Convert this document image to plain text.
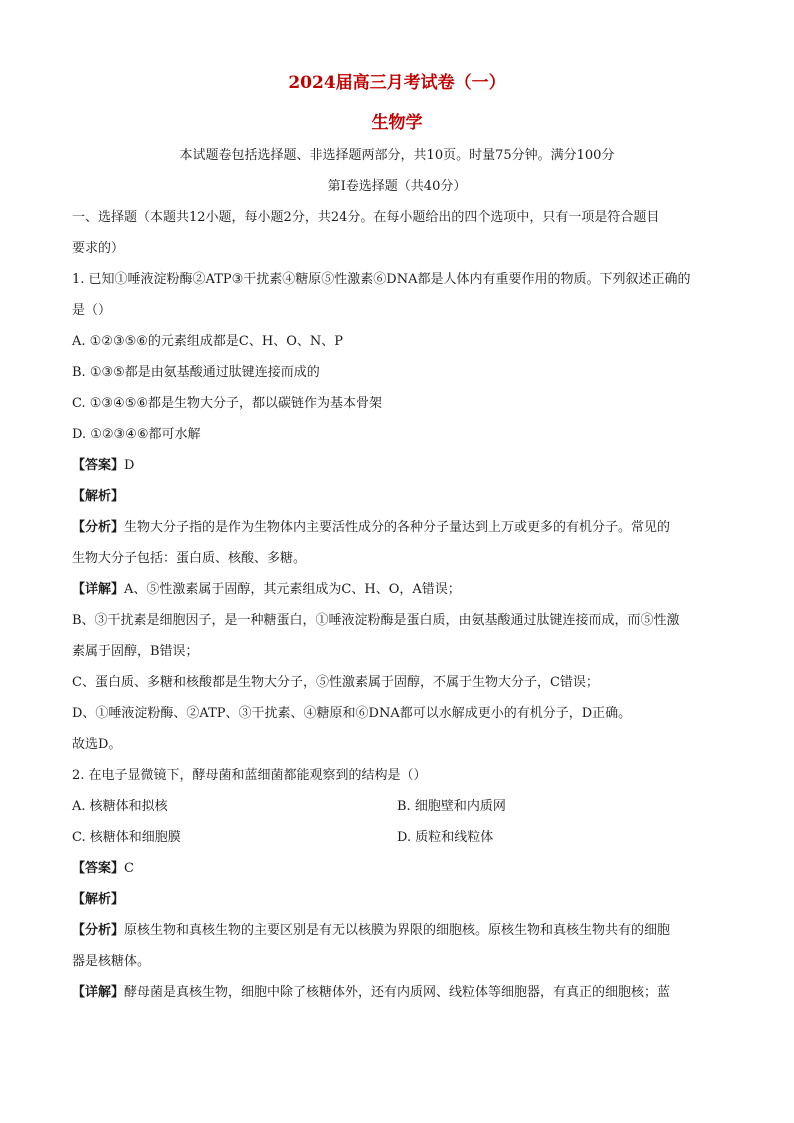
2024届高三月考试卷（一）
生物学
本试题卷包括选择题、非选择题两部分，共10页。时量75分钟。满分100分
第Ⅰ卷选择题（共40分）

一、选择题（本题共12小题，每小题2分，共24分。在每小题给出的四个选项中，只有一项是符合题目

要求的）

1. 已知①唾液淀粉酶②ATP③干扰素④糖原⑤性激素⑥DNA都是人体内有重要作用的物质。下列叙述正确的

是（）

A. ①②③⑤⑥的元素组成都是C、H、O、N、P

B. ①③⑤都是由氨基酸通过肽键连接而成的

C. ①③④⑤⑥都是生物大分子，都以碳链作为基本骨架

D. ①②③④⑥都可水解

【答案】D

【解析】

【分析】生物大分子指的是作为生物体内主要活性成分的各种分子量达到上万或更多的有机分子。常见的

生物大分子包括：蛋白质、核酸、多糖。

【详解】A、⑤性激素属于固醇，其元素组成为C、H、O，A错误；

B、③干扰素是细胞因子，是一种糖蛋白，①唾液淀粉酶是蛋白质，由氨基酸通过肽键连接而成，而⑤性激

素属于固醇，B错误；

C、蛋白质、多糖和核酸都是生物大分子，⑤性激素属于固醇，不属于生物大分子，C错误；

D、①唾液淀粉酶、②ATP、③干扰素、④糖原和⑥DNA都可以水解成更小的有机分子，D正确。

故选D。

2. 在电子显微镜下，酵母菌和蓝细菌都能观察到的结构是（）

A. 核糖体和拟核	B. 细胞壁和内质网
C. 核糖体和细胞膜	D. 质粒和线粒体

【答案】C

【解析】

【分析】原核生物和真核生物的主要区别是有无以核膜为界限的细胞核。原核生物和真核生物共有的细胞

器是核糖体。

【详解】酵母菌是真核生物，细胞中除了核糖体外，还有内质网、线粒体等细胞器，有真正的细胞核；蓝
